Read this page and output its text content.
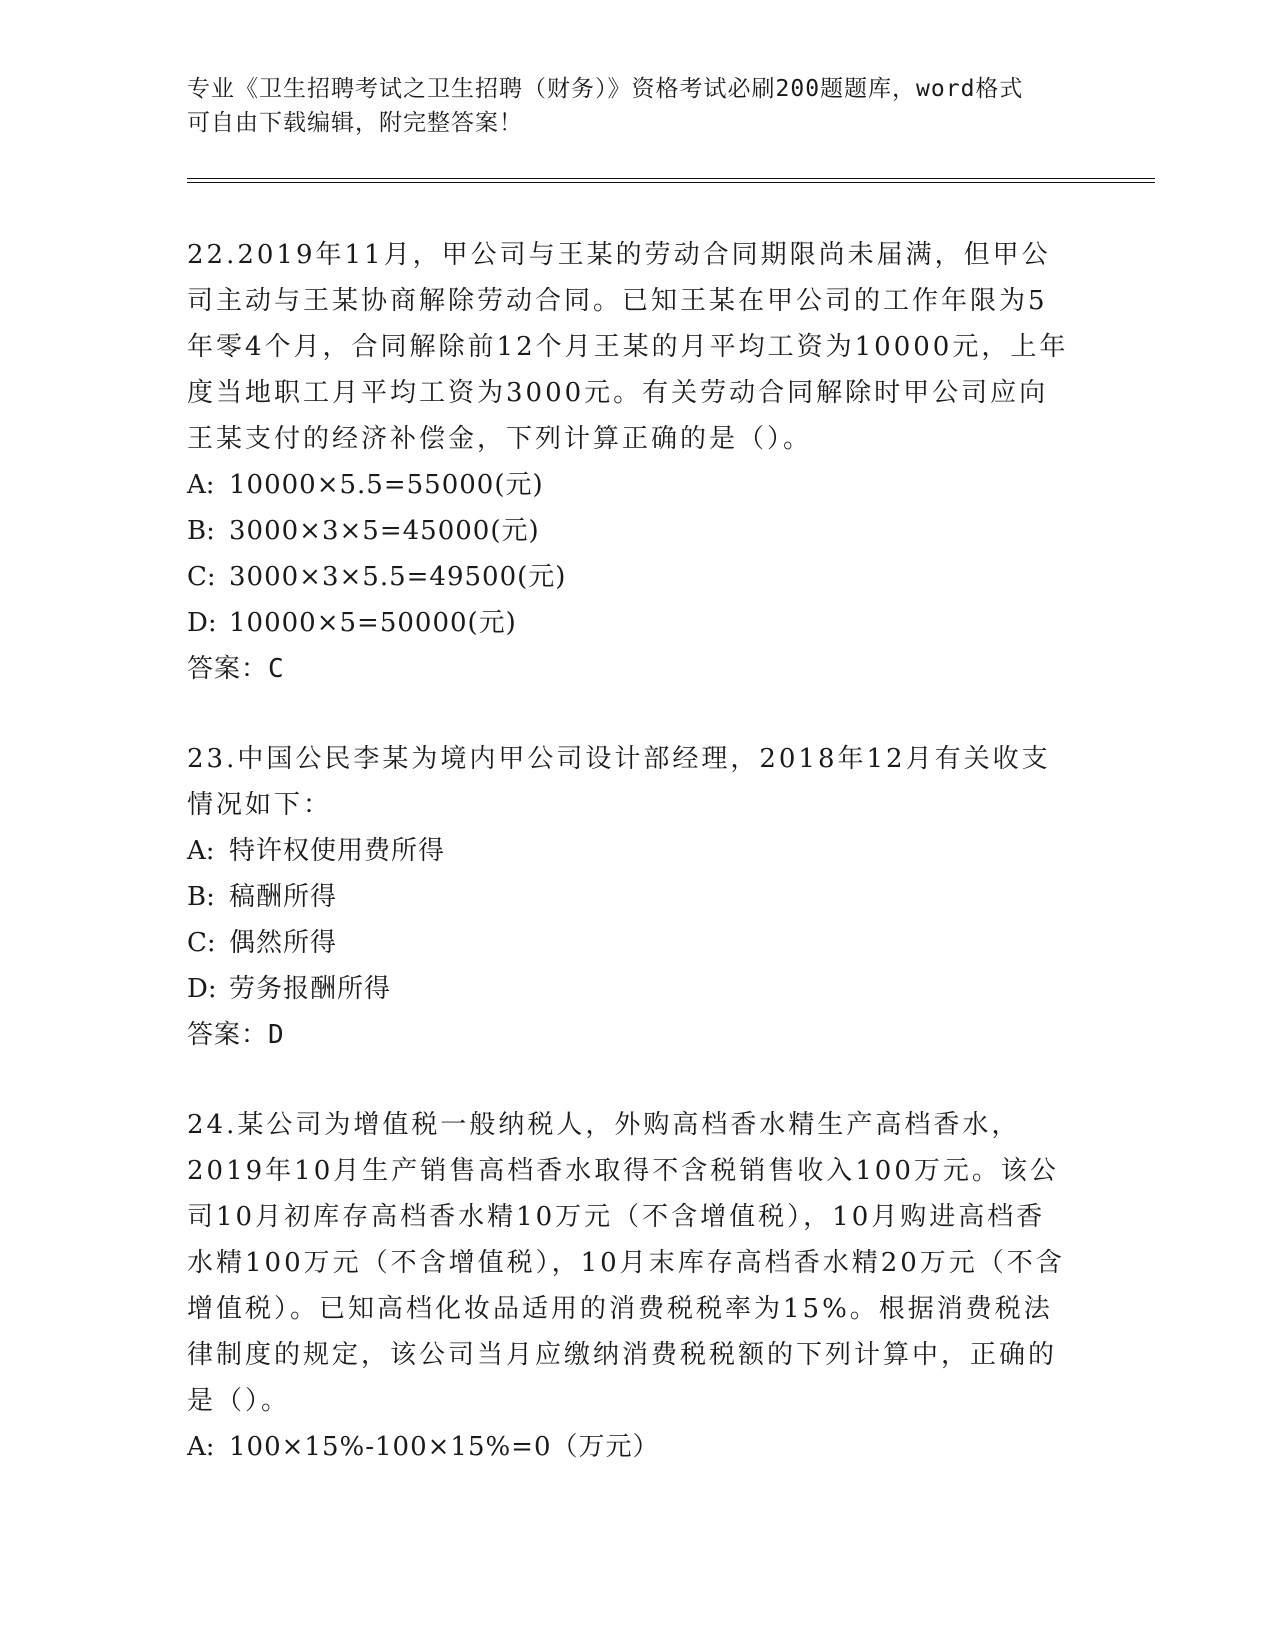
专业《卫生招聘考试之卫生招聘（财务）》资格考试必刷200题题库，word格式
可自由下载编辑，附完整答案！

22.2019年11月，甲公司与王某的劳动合同期限尚未届满，但甲公司主动与王某协商解除劳动合同。已知王某在甲公司的工作年限为5年零4个月，合同解除前12个月王某的月平均工资为10000元，上年度当地职工月平均工资为3000元。有关劳动合同解除时甲公司应向王某支付的经济补偿金，下列计算正确的是（）。

A: 10000×5.5=55000(元)

B: 3000×3×5=45000(元)

C: 3000×3×5.5=49500(元)

D: 10000×5=50000(元)

答案：C

23.中国公民李某为境内甲公司设计部经理，2018年12月有关收支情况如下：

A: 特许权使用费所得

B: 稿酬所得

C: 偶然所得

D: 劳务报酬所得

答案：D

24.某公司为增值税一般纳税人，外购高档香水精生产高档香水，2019年10月生产销售高档香水取得不含税销售收入100万元。该公司10月初库存高档香水精10万元（不含增值税），10月购进高档香水精100万元（不含增值税），10月末库存高档香水精20万元（不含增值税）。已知高档化妆品适用的消费税税率为15%。根据消费税法律制度的规定，该公司当月应缴纳消费税税额的下列计算中，正确的是（）。

A: 100×15%-100×15%=0（万元）
